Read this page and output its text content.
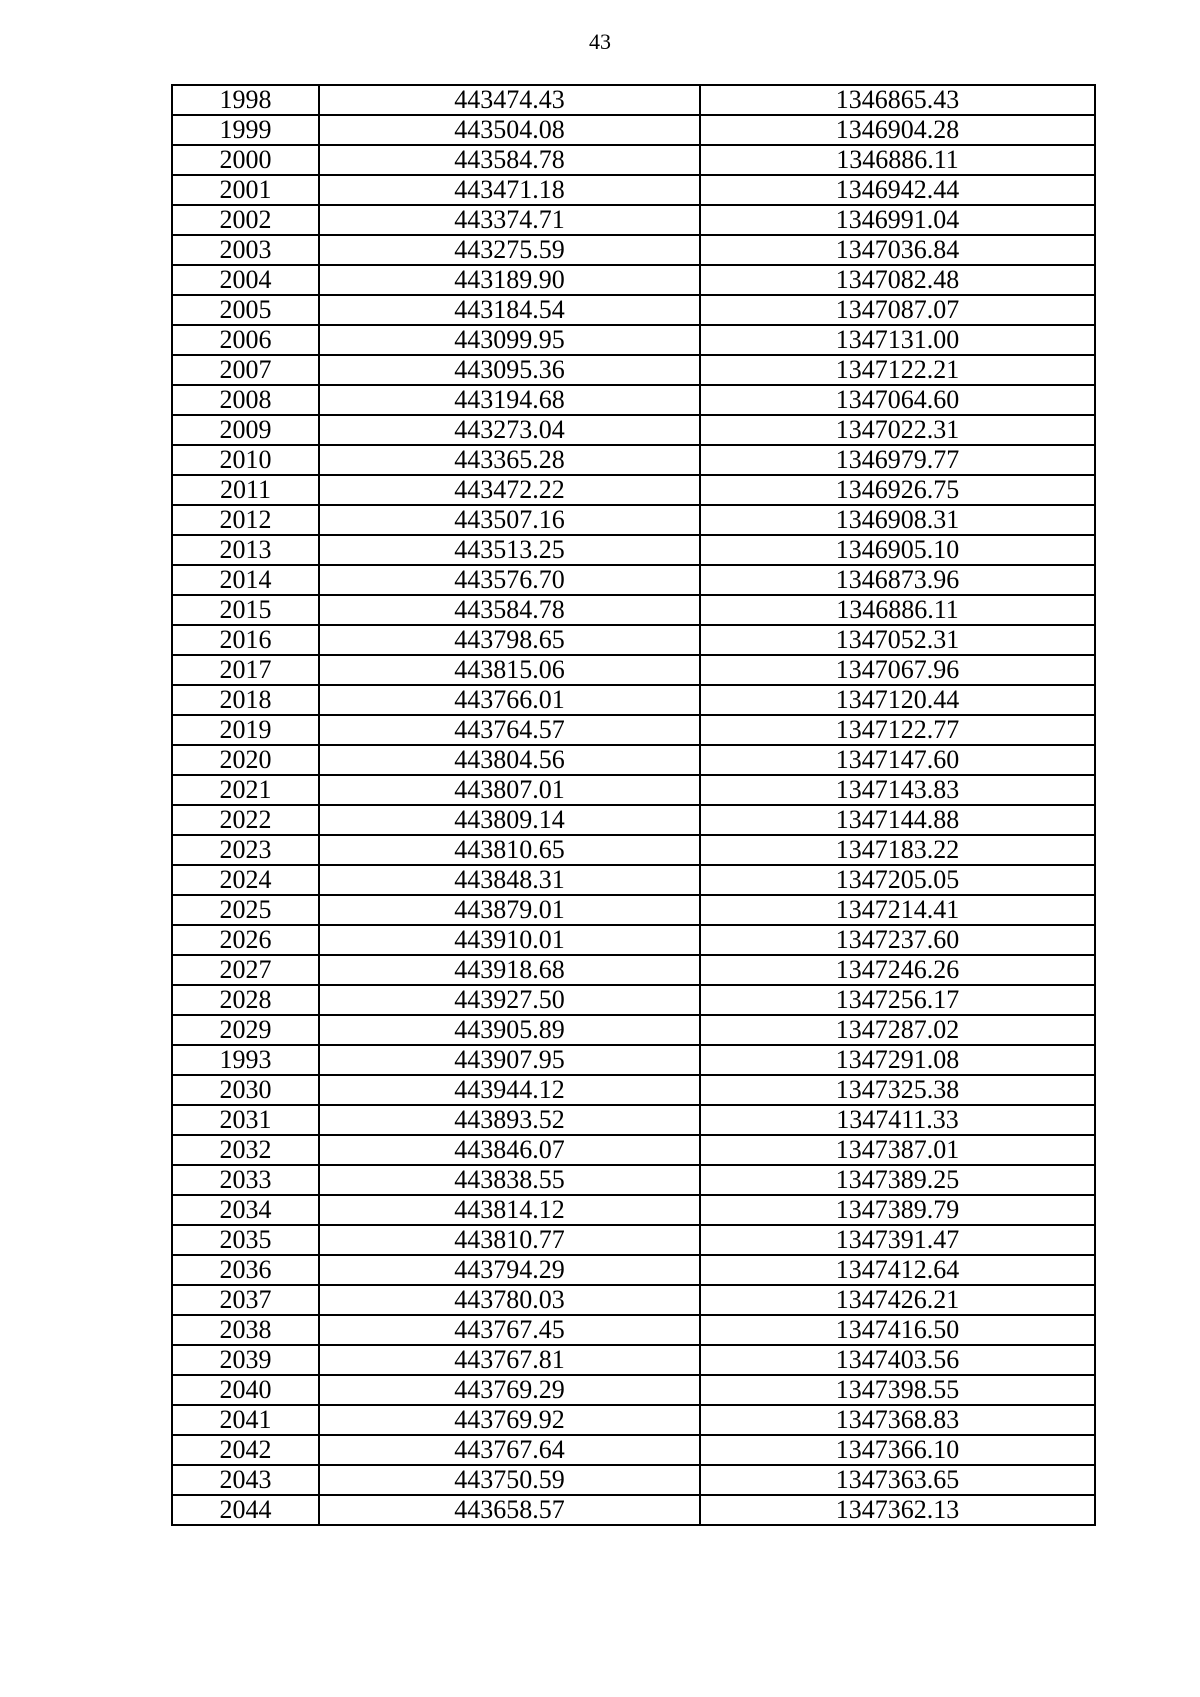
43
1998	443474.43	1346865.43
1999	443504.08	1346904.28
2000	443584.78	1346886.11
2001	443471.18	1346942.44
2002	443374.71	1346991.04
2003	443275.59	1347036.84
2004	443189.90	1347082.48
2005	443184.54	1347087.07
2006	443099.95	1347131.00
2007	443095.36	1347122.21
2008	443194.68	1347064.60
2009	443273.04	1347022.31
2010	443365.28	1346979.77
2011	443472.22	1346926.75
2012	443507.16	1346908.31
2013	443513.25	1346905.10
2014	443576.70	1346873.96
2015	443584.78	1346886.11
2016	443798.65	1347052.31
2017	443815.06	1347067.96
2018	443766.01	1347120.44
2019	443764.57	1347122.77
2020	443804.56	1347147.60
2021	443807.01	1347143.83
2022	443809.14	1347144.88
2023	443810.65	1347183.22
2024	443848.31	1347205.05
2025	443879.01	1347214.41
2026	443910.01	1347237.60
2027	443918.68	1347246.26
2028	443927.50	1347256.17
2029	443905.89	1347287.02
1993	443907.95	1347291.08
2030	443944.12	1347325.38
2031	443893.52	1347411.33
2032	443846.07	1347387.01
2033	443838.55	1347389.25
2034	443814.12	1347389.79
2035	443810.77	1347391.47
2036	443794.29	1347412.64
2037	443780.03	1347426.21
2038	443767.45	1347416.50
2039	443767.81	1347403.56
2040	443769.29	1347398.55
2041	443769.92	1347368.83
2042	443767.64	1347366.10
2043	443750.59	1347363.65
2044	443658.57	1347362.13
